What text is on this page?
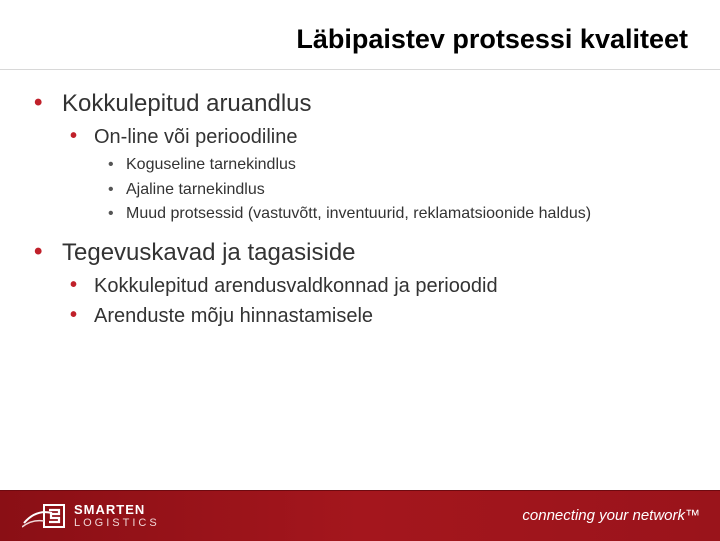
Läbipaistev protsessi kvaliteet
• Kokkulepitud aruandlus
• On-line või perioodiline
• Koguseline tarnekindlus
• Ajaline tarnekindlus
• Muud protsessid (vastuvõtt, inventuurid, reklamatsioonide haldus)
• Tegevuskavad ja tagasiside
• Kokkulepitud arendusvaldkonnad ja perioodid
• Arenduste mõju hinnastamisele
SMARTEN
LOGISTICS	connecting your network™
